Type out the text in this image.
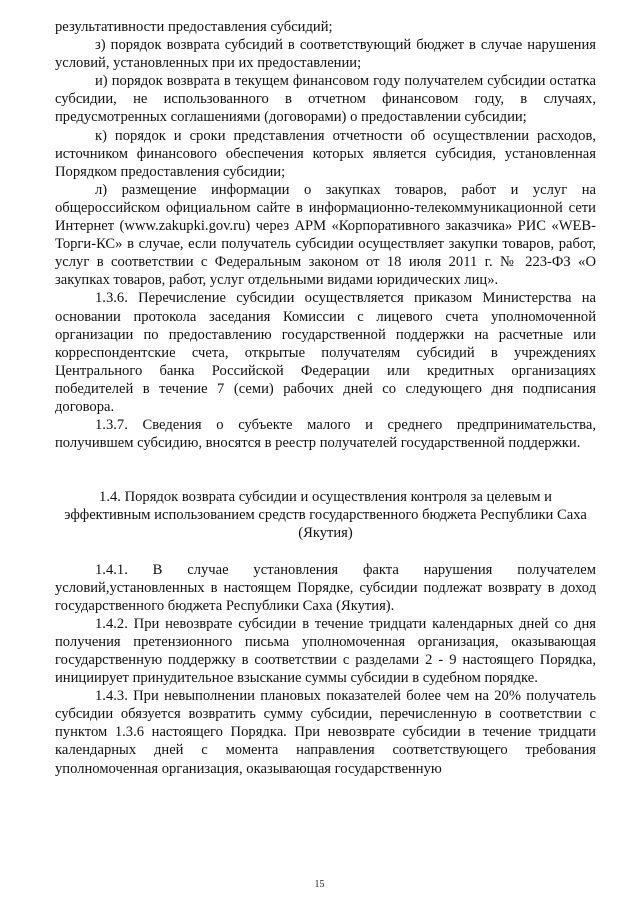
результативности предоставления субсидий;

з) порядок возврата субсидий в соответствующий бюджет в случае нарушения условий, установленных при их предоставлении;

и) порядок возврата в текущем финансовом году получателем субсидии остатка субсидии, не использованного в отчетном финансовом году, в случаях, предусмотренных соглашениями (договорами) о предоставлении субсидии;

к) порядок и сроки представления отчетности об осуществлении расходов, источником финансового обеспечения которых является субсидия, установленная Порядком предоставления субсидии;

л) размещение информации о закупках товаров, работ и услуг на общероссийском официальном сайте в информационно-телекоммуникационной сети Интернет (www.zakupki.gov.ru) через АРМ «Корпоративного заказчика» РИС «WEB-Торги-КС» в случае, если получатель субсидии осуществляет закупки товаров, работ, услуг в соответствии с Федеральным законом от 18 июля 2011 г. № 223-ФЗ «О закупках товаров, работ, услуг отдельными видами юридических лиц».

1.3.6. Перечисление субсидии осуществляется приказом Министерства на основании протокола заседания Комиссии с лицевого счета уполномоченной организации по предоставлению государственной поддержки на расчетные или корреспондентские счета, открытые получателям субсидий в учреждениях Центрального банка Российской Федерации или кредитных организациях победителей в течение 7 (семи) рабочих дней со следующего дня подписания договора.

1.3.7. Сведения о субъекте малого и среднего предпринимательства, получившем субсидию, вносятся в реестр получателей государственной поддержки.

1.4. Порядок возврата субсидии и осуществления контроля за целевым и эффективным использованием средств государственного бюджета Республики Саха (Якутия)

1.4.1. В случае установления факта нарушения получателем условий,установленных в настоящем Порядке, субсидии подлежат возврату в доход государственного бюджета Республики Саха (Якутия).

1.4.2. При невозврате субсидии в течение тридцати календарных дней со дня получения претензионного письма уполномоченная организация, оказывающая государственную поддержку в соответствии с разделами 2 - 9 настоящего Порядка, инициирует принудительное взыскание суммы субсидии в судебном порядке.

1.4.3. При невыполнении плановых показателей более чем на 20% получатель субсидии обязуется возвратить сумму субсидии, перечисленную в соответствии с пунктом 1.3.6 настоящего Порядка. При невозврате субсидии в течение тридцати календарных дней с момента направления соответствующего требования уполномоченная организация, оказывающая государственную

15
